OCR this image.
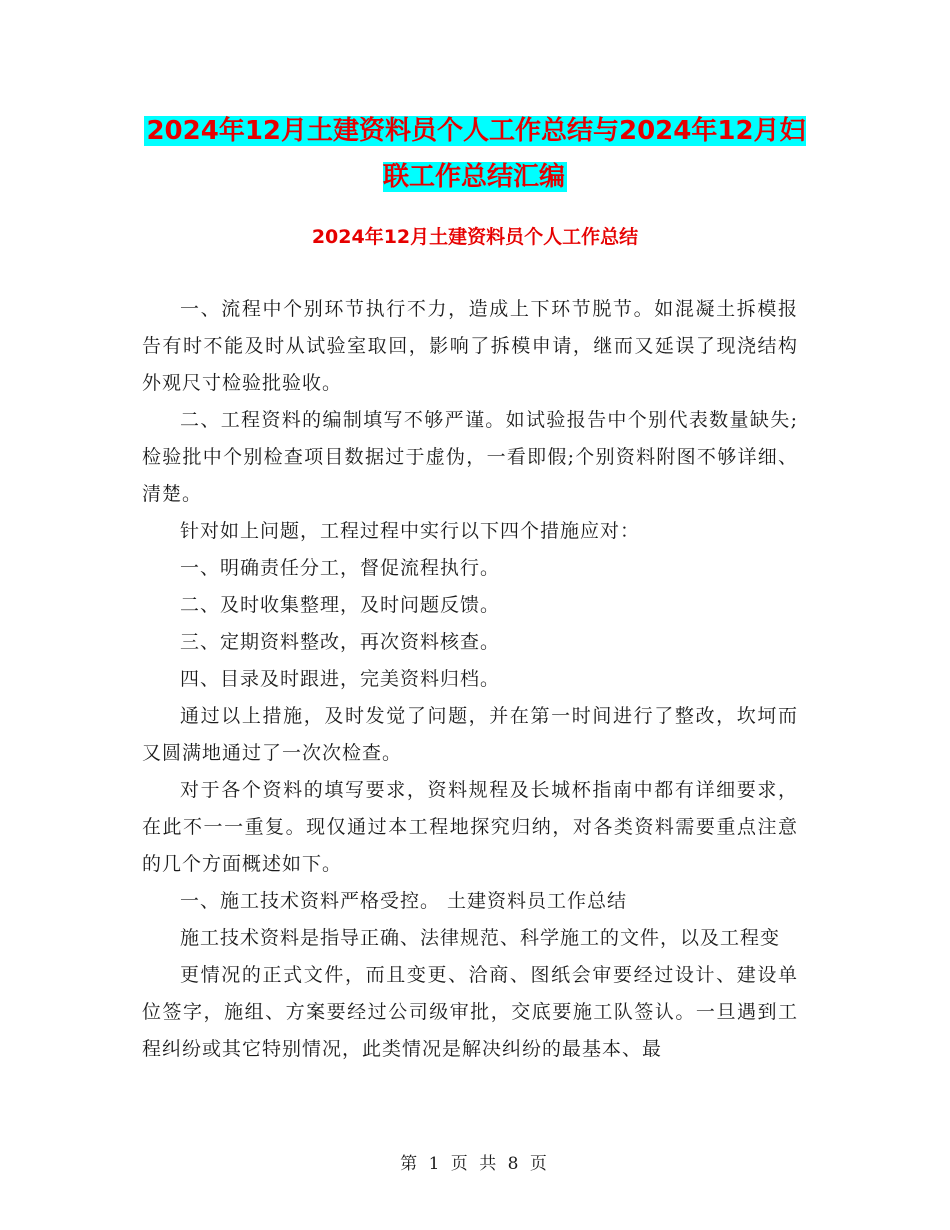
2024年12月土建资料员个人工作总结与2024年12月妇联工作总结汇编
2024年12月土建资料员个人工作总结

一、流程中个别环节执行不力，造成上下环节脱节。如混凝土拆模报告有时不能及时从试验室取回，影响了拆模申请，继而又延误了现浇结构外观尺寸检验批验收。

二、工程资料的编制填写不够严谨。如试验报告中个别代表数量缺失;检验批中个别检查项目数据过于虚伪，一看即假;个别资料附图不够详细、清楚。

针对如上问题，工程过程中实行以下四个措施应对：

一、明确责任分工，督促流程执行。

二、及时收集整理，及时问题反馈。

三、定期资料整改，再次资料核查。

四、目录及时跟进，完美资料归档。

通过以上措施，及时发觉了问题，并在第一时间进行了整改，坎坷而又圆满地通过了一次次检查。

对于各个资料的填写要求，资料规程及长城杯指南中都有详细要求，在此不一一重复。现仅通过本工程地探究归纳，对各类资料需要重点注意的几个方面概述如下。

一、施工技术资料严格受控。 土建资料员工作总结

施工技术资料是指导正确、法律规范、科学施工的文件，以及工程变

更情况的正式文件，而且变更、洽商、图纸会审要经过设计、建设单位签字，施组、方案要经过公司级审批，交底要施工队签认。一旦遇到工程纠纷或其它特别情况，此类情况是解决纠纷的最基本、最

第 1 页 共 8 页
